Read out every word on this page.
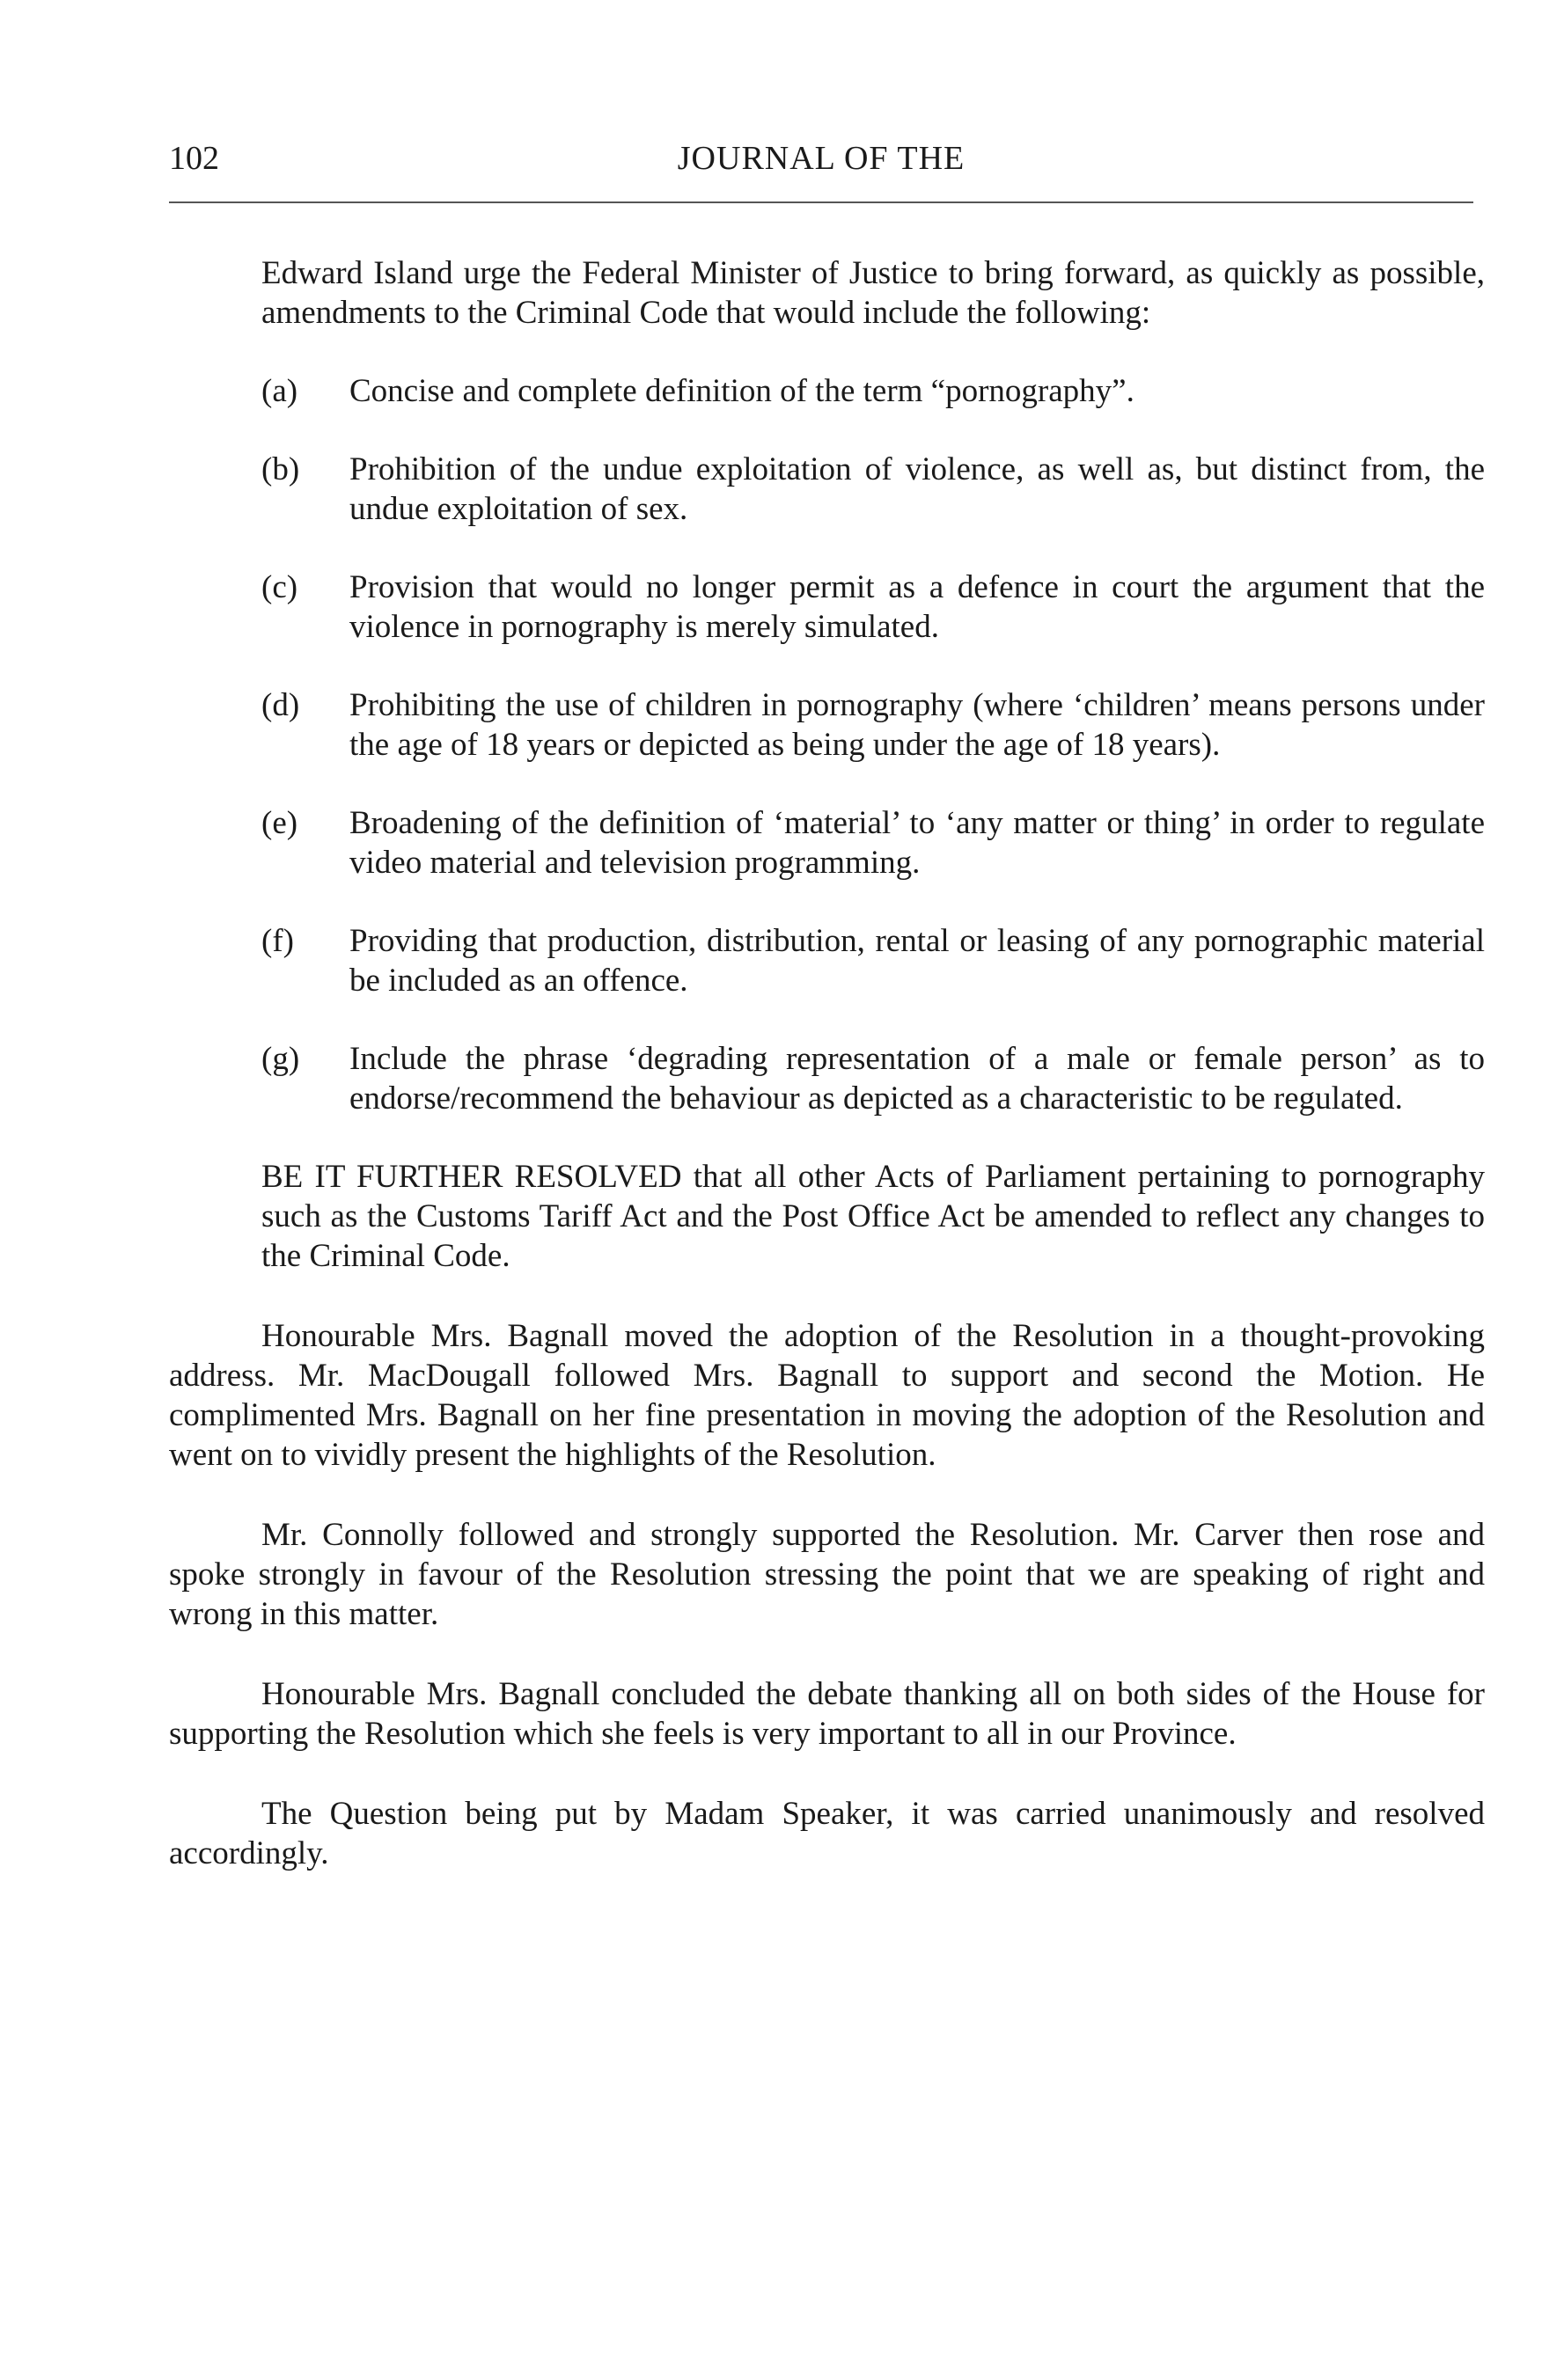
102	JOURNAL OF THE

Edward Island urge the Federal Minister of Justice to bring forward, as quickly as possible, amendments to the Criminal Code that would include the following:

(a)	Concise and complete definition of the term “pornography”.
(b)	Prohibition of the undue exploitation of violence, as well as, but distinct from, the undue exploitation of sex.
(c)	Provision that would no longer permit as a defence in court the argument that the violence in pornography is merely simulated.
(d)	Prohibiting the use of children in pornography (where ‘children’ means persons under the age of 18 years or depicted as being under the age of 18 years).
(e)	Broadening of the definition of ‘material’ to ‘any matter or thing’ in order to regulate video material and television programming.
(f)	Providing that production, distribution, rental or leasing of any pornographic material be included as an offence.
(g)	Include the phrase ‘degrading representation of a male or female person’ as to endorse/recommend the behaviour as depicted as a characteristic to be regulated.

BE IT FURTHER RESOLVED that all other Acts of Parliament pertaining to pornography such as the Customs Tariff Act and the Post Office Act be amended to reflect any changes to the Criminal Code.

Honourable Mrs. Bagnall moved the adoption of the Resolution in a thought-provoking address. Mr. MacDougall followed Mrs. Bagnall to support and second the Motion. He complimented Mrs. Bagnall on her fine presentation in moving the adoption of the Resolution and went on to vividly present the highlights of the Resolution.

Mr. Connolly followed and strongly supported the Resolution. Mr. Carver then rose and spoke strongly in favour of the Resolution stressing the point that we are speaking of right and wrong in this matter.

Honourable Mrs. Bagnall concluded the debate thanking all on both sides of the House for supporting the Resolution which she feels is very important to all in our Province.

The Question being put by Madam Speaker, it was carried unanimously and resolved accordingly.
